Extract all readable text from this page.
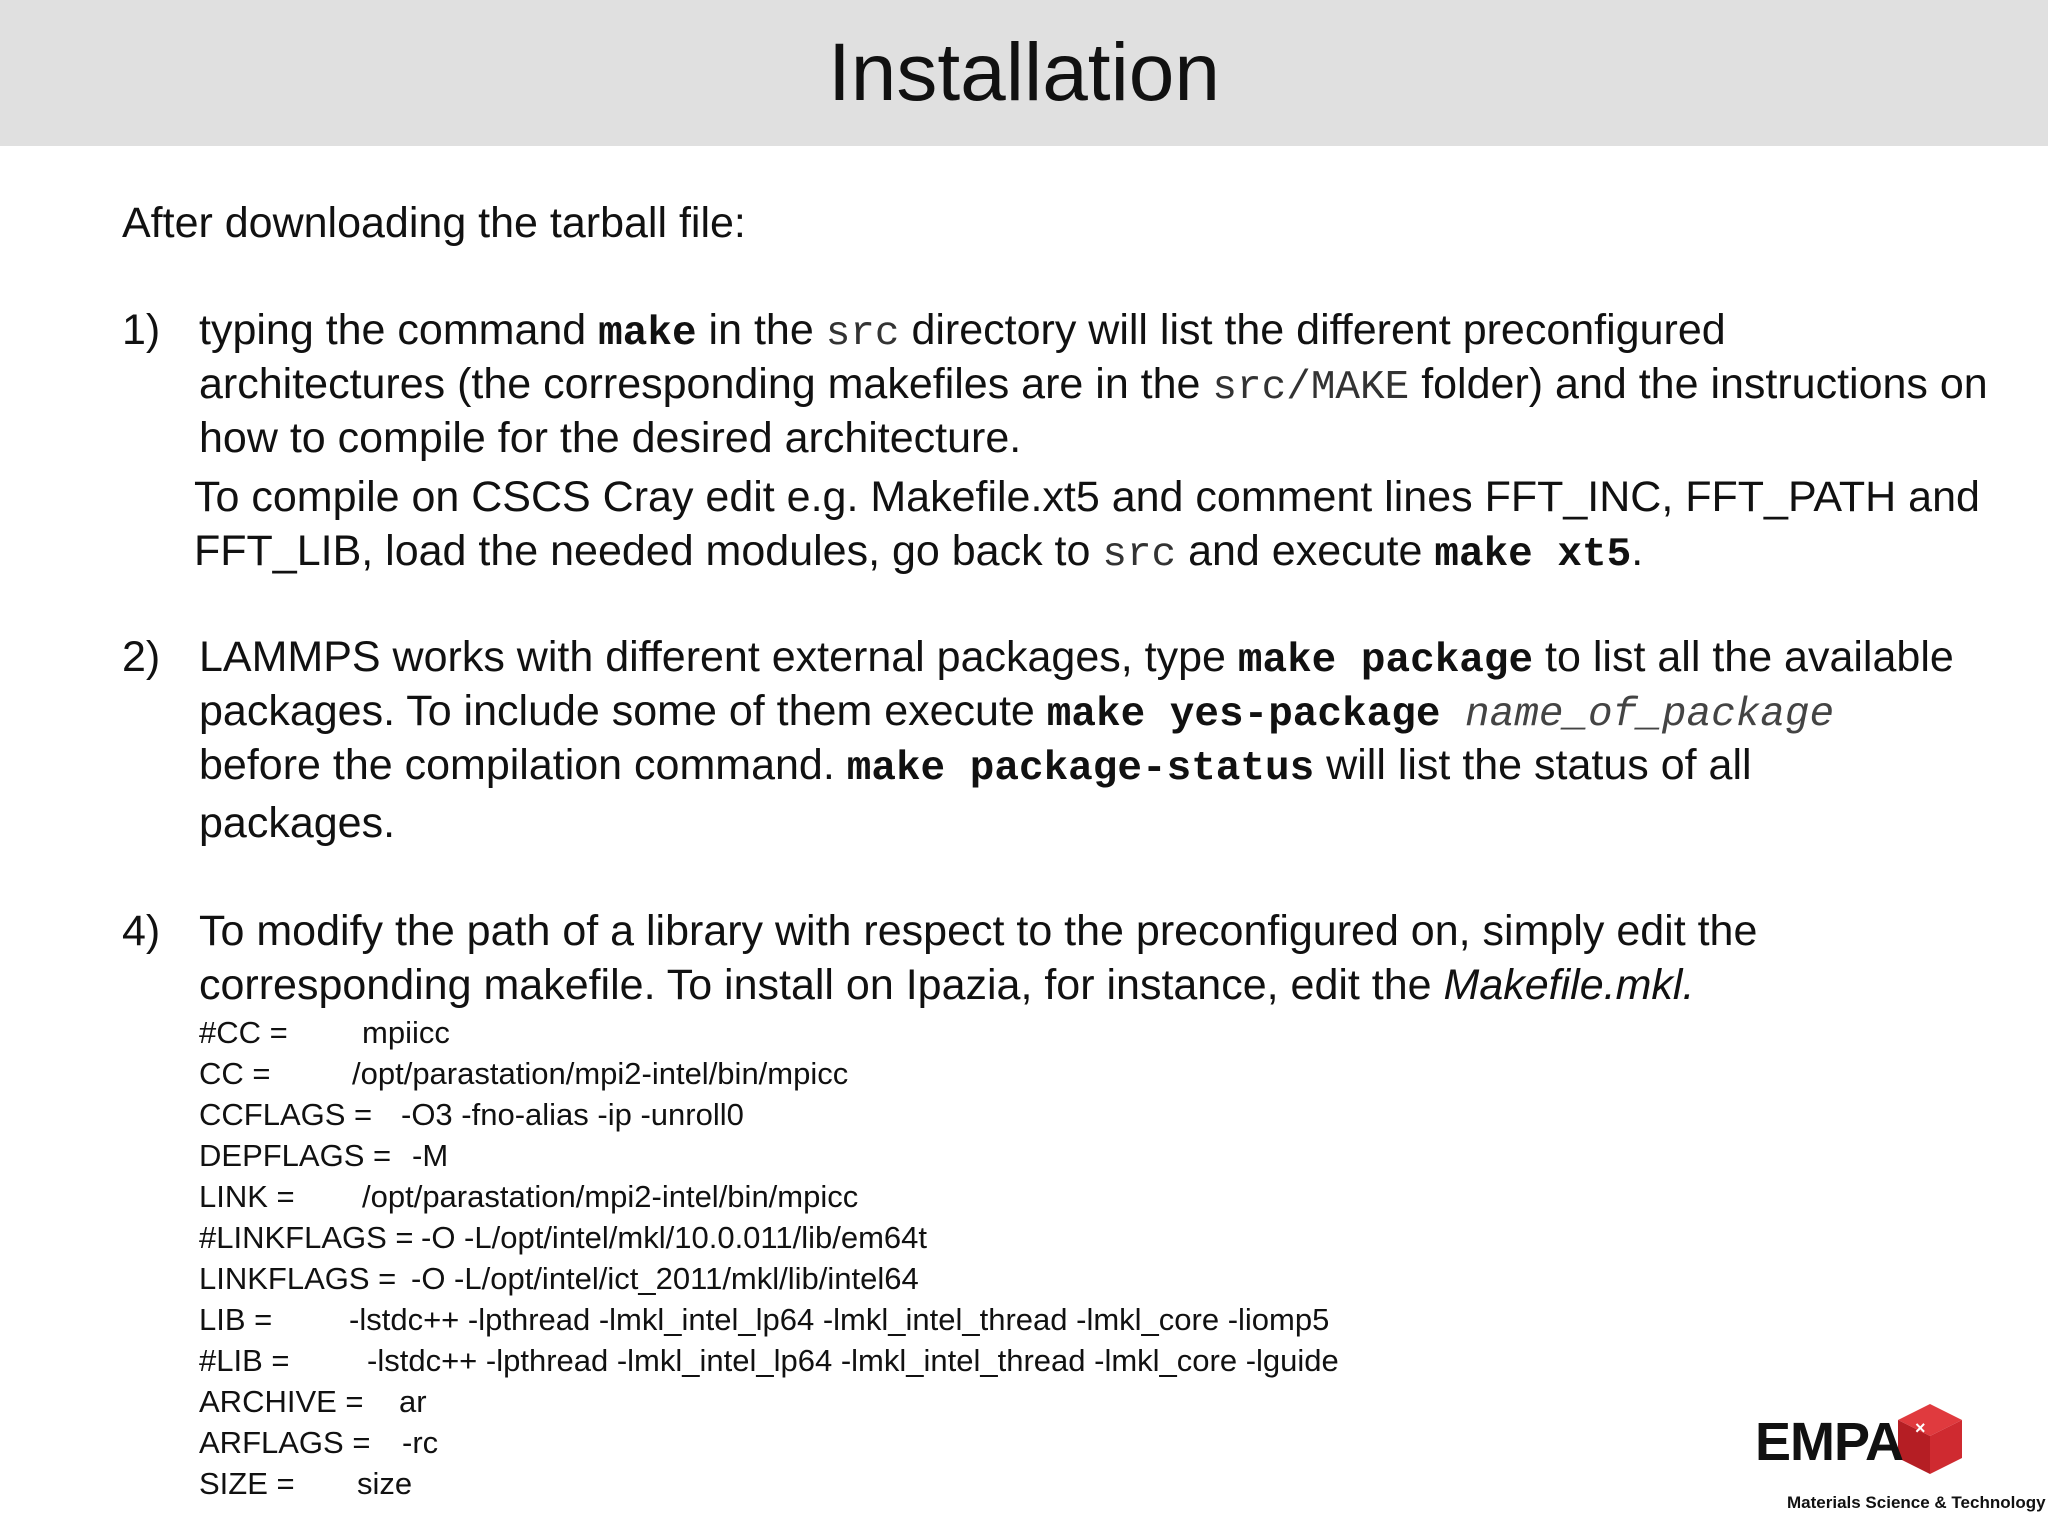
Installation

After downloading the tarball file:

1) typing the command make in the src directory will list the different preconfigured
architectures (the corresponding makefiles are in the src/MAKE folder) and the instructions on
how to compile for the desired architecture.
To compile on CSCS Cray edit e.g. Makefile.xt5 and comment lines FFT_INC, FFT_PATH and
FFT_LIB, load the needed modules, go back to src and execute make xt5.

2) LAMMPS works with different external packages, type make package to list all the available
packages. To include some of them execute make yes-package name_of_package
before the compilation command. make package-status will list the status of all
packages.

4) To modify the path of a library with respect to the preconfigured on, simply edit the
corresponding makefile. To install on Ipazia, for instance, edit the Makefile.mkl.
#CC = mpiicc
CC =	/opt/parastation/mpi2-intel/bin/mpicc
CCFLAGS = -O3 -fno-alias -ip -unroll0
DEPFLAGS = -M
LINK = /opt/parastation/mpi2-intel/bin/mpicc
#LINKFLAGS = -O -L/opt/intel/mkl/10.0.011/lib/em64t
LINKFLAGS = -O -L/opt/intel/ict_2011/mkl/lib/intel64
LIB = -lstdc++ -lpthread -lmkl_intel_lp64 -lmkl_intel_thread -lmkl_core -liomp5
#LIB =	-lstdc++ -lpthread -lmkl_intel_lp64 -lmkl_intel_thread -lmkl_core -lguide
ARCHIVE = ar
ARFLAGS = -rc
SIZE = size
×
EMPA
Materials Science & Technology
